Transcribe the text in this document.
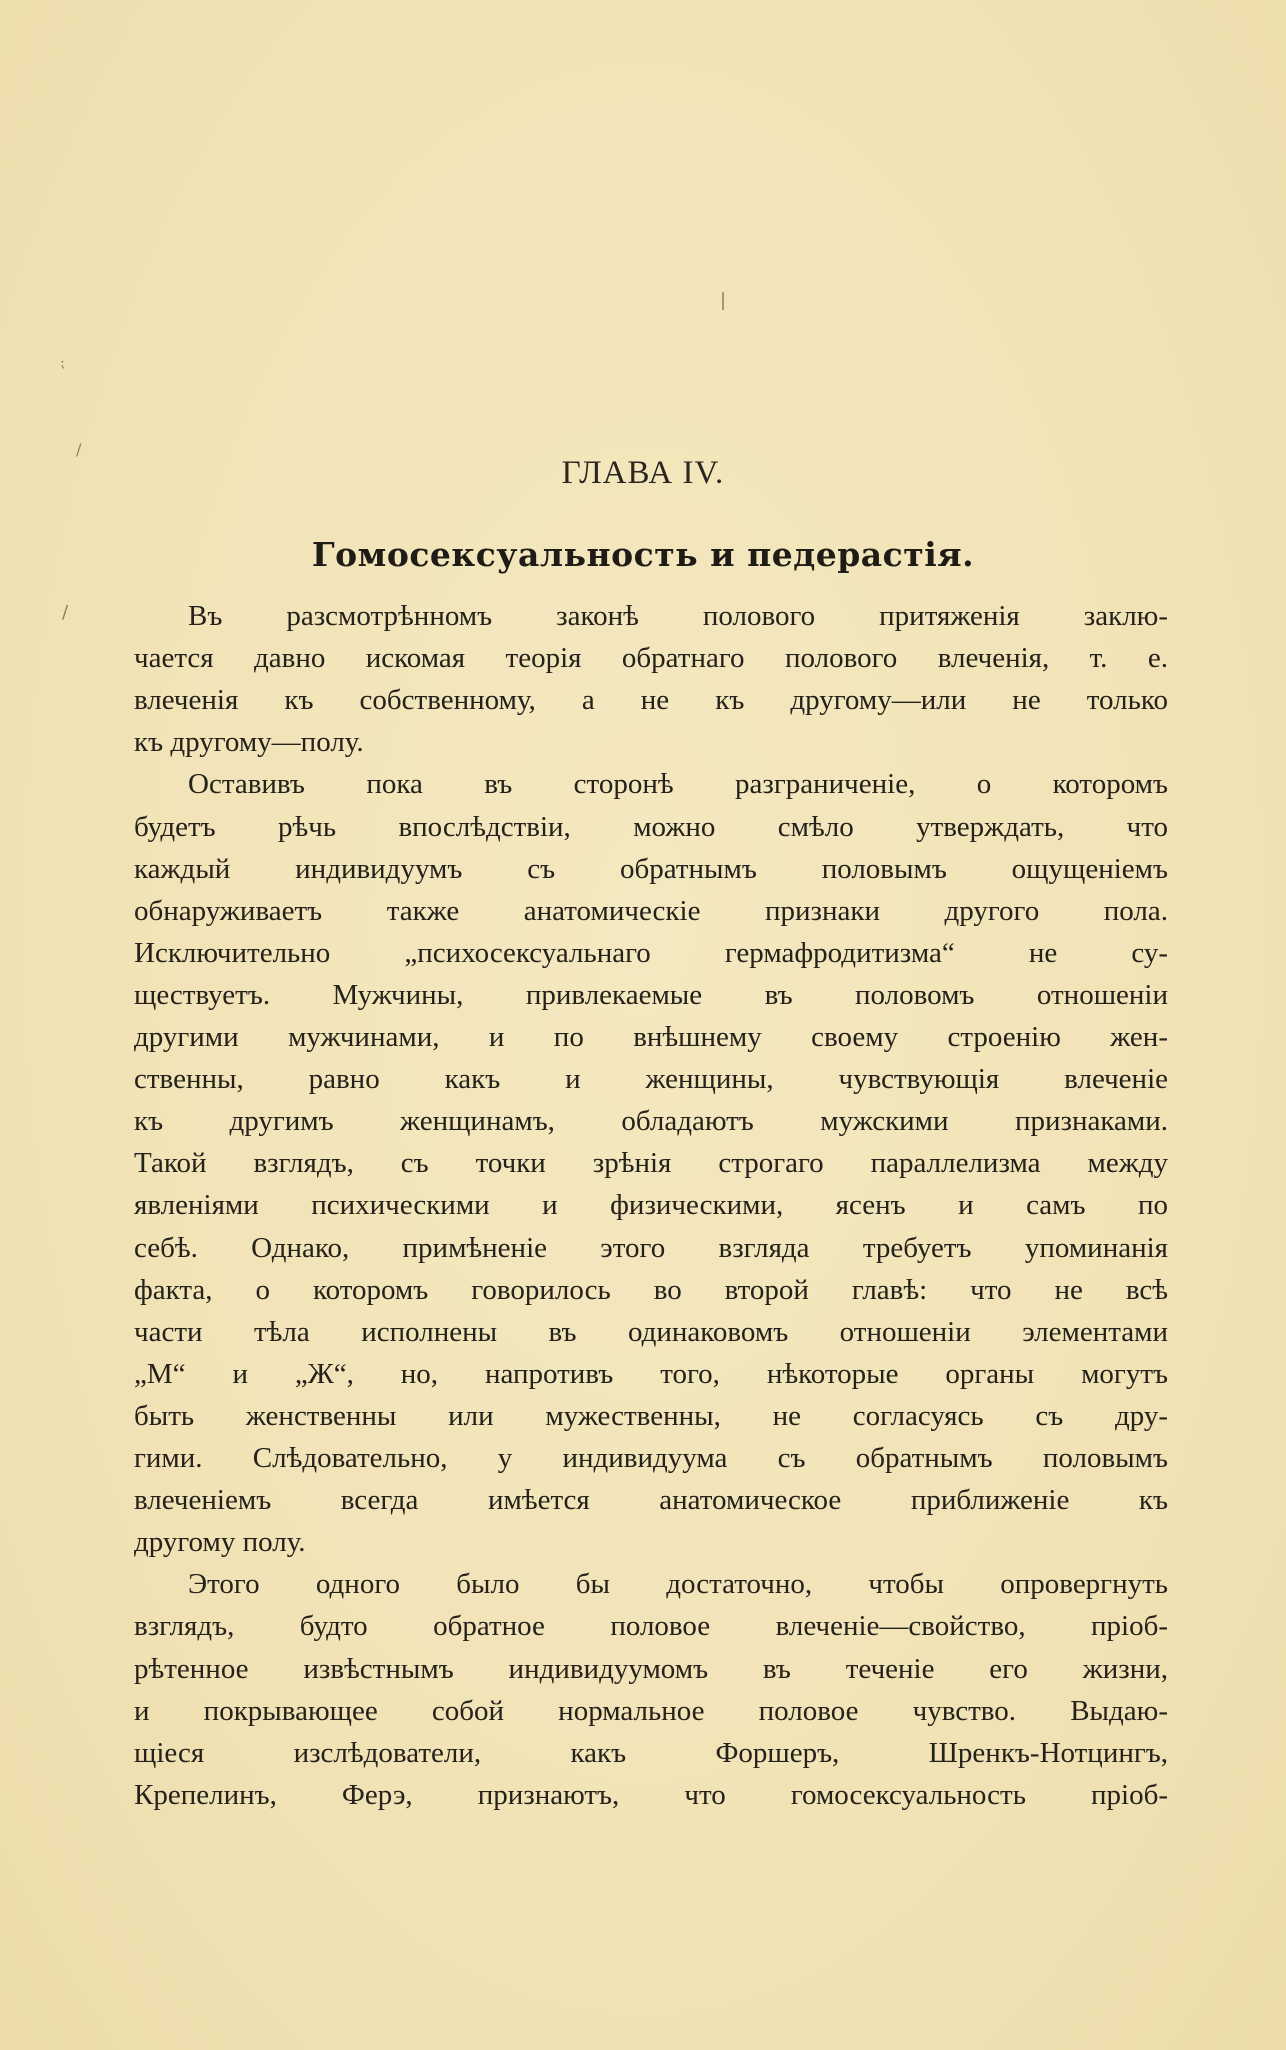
|
⁏
/
/
ГЛАВА IV.
Гомосексуальность и педерастія.
Въ разсмотрѣнномъ законѣ полового притяженія заклю-
чается давно искомая теорія обратнаго полового влеченія, т. е.
влеченія къ собственному, а не къ другому—или не только
къ другому—полу.
Оставивъ пока въ сторонѣ разграниченіе, о которомъ
будетъ рѣчь впослѣдствіи, можно смѣло утверждать, что
каждый индивидуумъ съ обратнымъ половымъ ощущеніемъ
обнаруживаетъ также анатомическіе признаки другого пола.
Исключительно „психосексуальнаго гермафродитизма“ не су-
ществуетъ. Мужчины, привлекаемые въ половомъ отношеніи
другими мужчинами, и по внѣшнему своему строенію жен-
ственны, равно какъ и женщины, чувствующія влеченіе
къ другимъ женщинамъ, обладаютъ мужскими признаками.
Такой взглядъ, съ точки зрѣнія строгаго параллелизма между
явленіями психическими и физическими, ясенъ и самъ по
себѣ. Однако, примѣненіе этого взгляда требуетъ упоминанія
факта, о которомъ говорилось во второй главѣ: что не всѣ
части тѣла исполнены въ одинаковомъ отношеніи элементами
„М“ и „Ж“, но, напротивъ того, нѣкоторые органы могутъ
быть женственны или мужественны, не согласуясь съ дру-
гими. Слѣдовательно, у индивидуума съ обратнымъ половымъ
влеченіемъ всегда имѣется анатомическое приближеніе къ
другому полу.
Этого одного было бы достаточно, чтобы опровергнуть
взглядъ, будто обратное половое влеченіе—свойство, пріоб-
рѣтенное извѣстнымъ индивидуумомъ въ теченіе его жизни,
и покрывающее собой нормальное половое чувство. Выдаю-
щіеся изслѣдователи, какъ Форшеръ, Шренкъ-Нотцингъ,
Крепелинъ, Ферэ, признаютъ, что гомосексуальность пріоб-
